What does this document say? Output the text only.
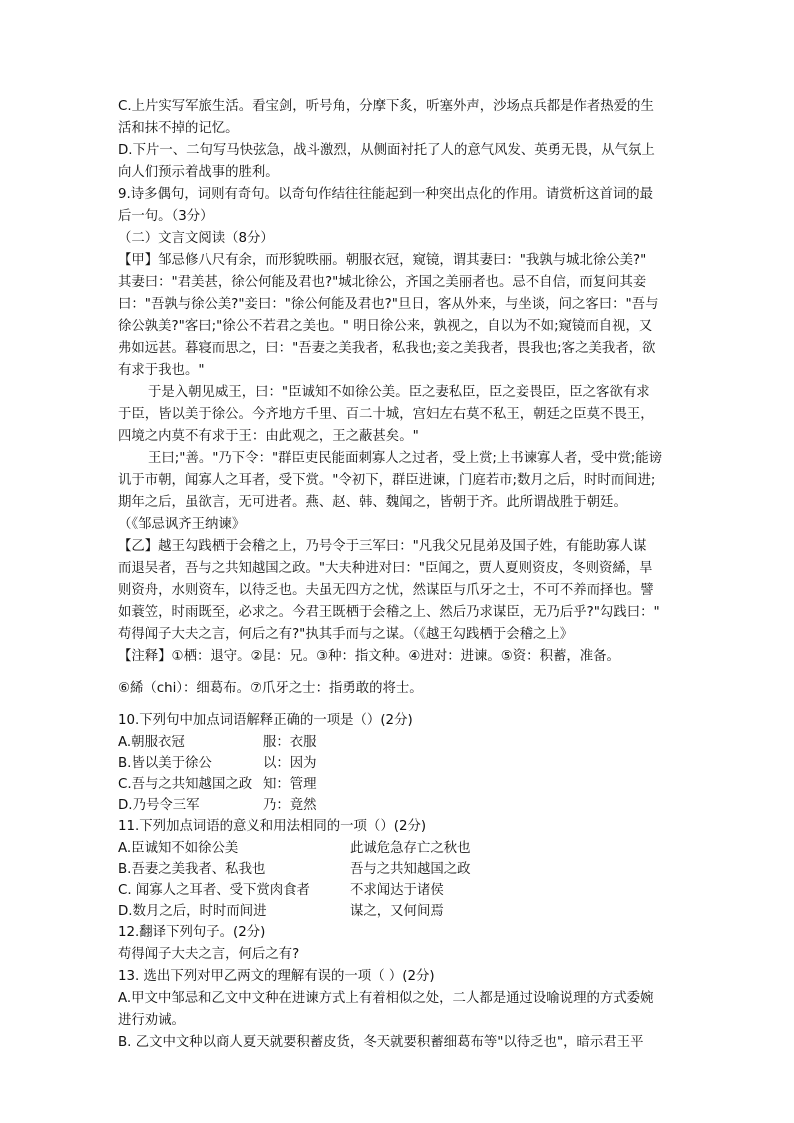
C.上片实写军旅生活。看宝剑，听号角，分摩下炙，听塞外声，沙场点兵都是作者热爱的生

活和抹不掉的记忆。

D.下片一、二句写马快弦急，战斗激烈，从侧面衬托了人的意气风发、英勇无畏，从气氛上

向人们预示着战事的胜利。

9.诗多偶句，词则有奇句。以奇句作结往往能起到一种突出点化的作用。请赏析这首词的最

后一句。（3分）

（二）文言文阅读（8分）

【甲】邹忌修八尺有余，而形貌昳丽。朝服衣冠，窥镜，谓其妻曰："我孰与城北徐公美?"

其妻曰："君美甚，徐公何能及君也?"城北徐公，齐国之美丽者也。忌不自信，而复问其妾

曰："吾孰与徐公美?"妾曰："徐公何能及君也?"旦日，客从外来，与坐谈，问之客曰："吾与

徐公孰美?"客曰;"徐公不若君之美也。" 明日徐公来，孰视之，自以为不如;窥镜而自视，又

弗如远甚。暮寝而思之，曰："吾妻之美我者，私我也;妾之美我者，畏我也;客之美我者，欲

有求于我也。"

于是入朝见威王，曰："臣诚知不如徐公美。臣之妻私臣，臣之妾畏臣，臣之客欲有求

于臣，皆以美于徐公。今齐地方千里、百二十城，宫妇左右莫不私王，朝廷之臣莫不畏王，

四境之内莫不有求于王：由此观之，王之蔽甚矣。"

王曰;"善。"乃下令："群臣吏民能面刺寡人之过者，受上赏;上书谏寡人者，受中赏;能谤

讥于市朝，闻寡人之耳者，受下赏。"令初下，群臣进谏，门庭若市;数月之后，时时而间进;

期年之后，虽欲言，无可进者。燕、赵、韩、魏闻之，皆朝于齐。此所谓战胜于朝廷。

（《邹忌讽齐王纳谏》

【乙】越王勾践栖于会稽之上，乃号令于三军曰："凡我父兄昆弟及国子姓，有能助寡人谋

而退吴者，吾与之共知越国之政。"大夫种进对曰："臣闻之，贾人夏则资皮，冬则资絺，旱

则资舟，水则资车，以待乏也。夫虽无四方之忧，然谋臣与爪牙之士，不可不养而择也。譬

如蓑笠，时雨既至，必求之。今君王既栖于会稽之上、然后乃求谋臣，无乃后乎?"勾践曰："

苟得闻子大夫之言，何后之有?"执其手而与之谋。（《越王勾践栖于会稽之上》

【注释】①栖：退守。②昆：兄。③种：指文种。④进对：进谏。⑤资：积蓄，准备。

⑥絺（chi）：细葛布。⑦爪牙之士：指勇敢的将士。

10.下列句中加点词语解释正确的一项是（）(2分)

A.朝服衣冠	服：衣服
B.皆以美于徐公	以：因为
C.吾与之共知越国之政 知：管理
D.乃号令三军	乃：竟然

11.下列加点词语的意义和用法相同的一项（）(2分)

A.臣诚知不如徐公美	此诚危急存亡之秋也
B.吾妻之美我者、私我也	吾与之共知越国之政
C. 闻寡人之耳者、受下赏肉食者	不求闻达于诸侯
D.数月之后，时时而间进	谋之，又何间焉

12.翻译下列句子。(2分)

苟得闻子大夫之言，何后之有?

13. 选出下列对甲乙两文的理解有误的一项（ ）(2分)

A.甲文中邹忌和乙文中文种在进谏方式上有着相似之处，二人都是通过设喻说理的方式委婉

进行劝诫。

B. 乙文中文种以商人夏天就要积蓄皮货，冬天就要积蓄细葛布等"以待乏也"，暗示君王平
